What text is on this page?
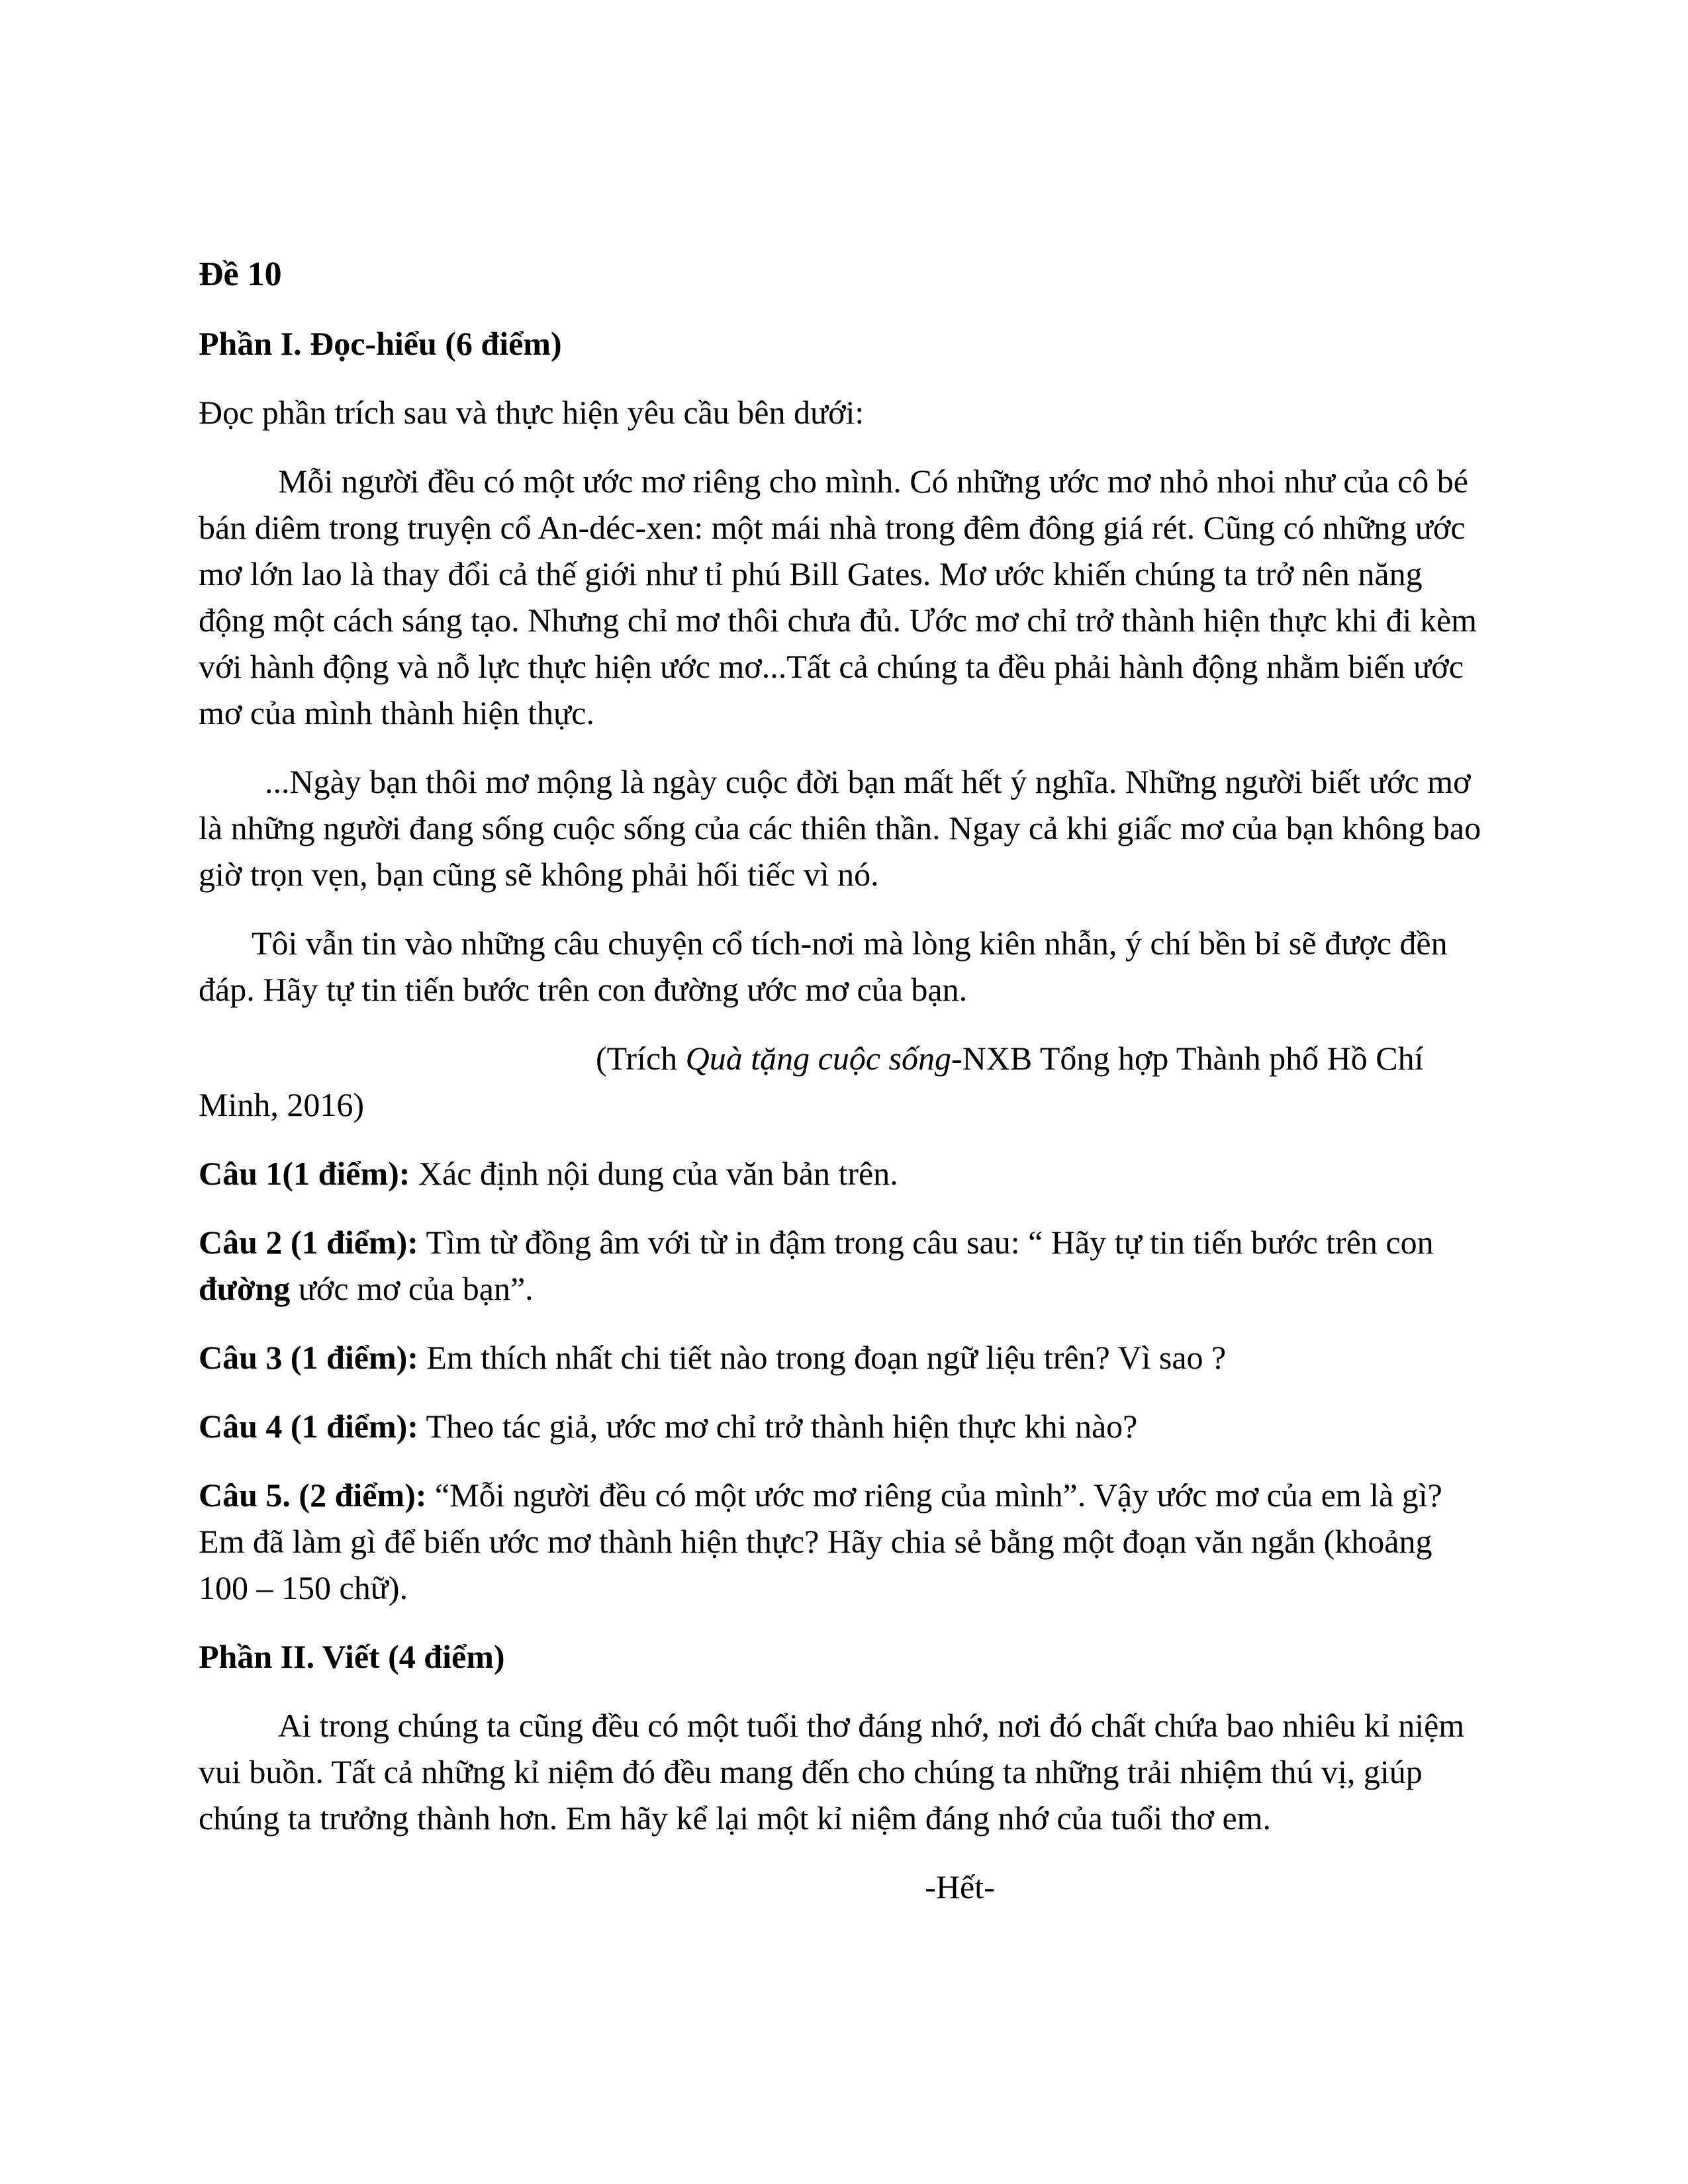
Đề 10
Phần I. Đọc-hiểu (6 điểm)
Đọc phần trích sau và thực hiện yêu cầu bên dưới:
Mỗi người đều có một ước mơ riêng cho mình. Có những ước mơ nhỏ nhoi như của cô bé bán diêm trong truyện cổ An-déc-xen: một mái nhà trong đêm đông giá rét. Cũng có những ước mơ lớn lao là thay đổi cả thế giới như tỉ phú Bill Gates. Mơ ước khiến chúng ta trở nên năng động một cách sáng tạo. Nhưng chỉ mơ thôi chưa đủ. Ước mơ chỉ trở thành hiện thực khi đi kèm với hành động và nỗ lực thực hiện ước mơ...Tất cả chúng ta đều phải hành động nhằm biến ước mơ của mình thành hiện thực.
...Ngày bạn thôi mơ mộng là ngày cuộc đời bạn mất hết ý nghĩa. Những người biết ước mơ là những người đang sống cuộc sống của các thiên thần. Ngay cả khi giấc mơ của bạn không bao giờ trọn vẹn, bạn cũng sẽ không phải hối tiếc vì nó.
Tôi vẫn tin vào những câu chuyện cổ tích-nơi mà lòng kiên nhẫn, ý chí bền bỉ sẽ được đền đáp. Hãy tự tin tiến bước trên con đường ước mơ của bạn.
(Trích Quà tặng cuộc sống-NXB Tổng hợp Thành phố Hồ Chí Minh, 2016)
Câu 1(1 điểm): Xác định nội dung của văn bản trên.
Câu 2 (1 điểm): Tìm từ đồng âm với từ in đậm trong câu sau: “ Hãy tự tin tiến bước trên con đường ước mơ của bạn”.
Câu 3 (1 điểm): Em thích nhất chi tiết nào trong đoạn ngữ liệu trên? Vì sao ?
Câu 4 (1 điểm): Theo tác giả, ước mơ chỉ trở thành hiện thực khi nào?
Câu 5. (2 điểm): “Mỗi người đều có một ước mơ riêng của mình”. Vậy ước mơ của em là gì? Em đã làm gì để biến ước mơ thành hiện thực? Hãy chia sẻ bằng một đoạn văn ngắn (khoảng 100 – 150 chữ).
Phần II. Viết (4 điểm)
Ai trong chúng ta cũng đều có một tuổi thơ đáng nhớ, nơi đó chất chứa bao nhiêu kỉ niệm vui buồn. Tất cả những kỉ niệm đó đều mang đến cho chúng ta những trải nhiệm thú vị, giúp chúng ta trưởng thành hơn. Em hãy kể lại một kỉ niệm đáng nhớ của tuổi thơ em.
-Hết-
